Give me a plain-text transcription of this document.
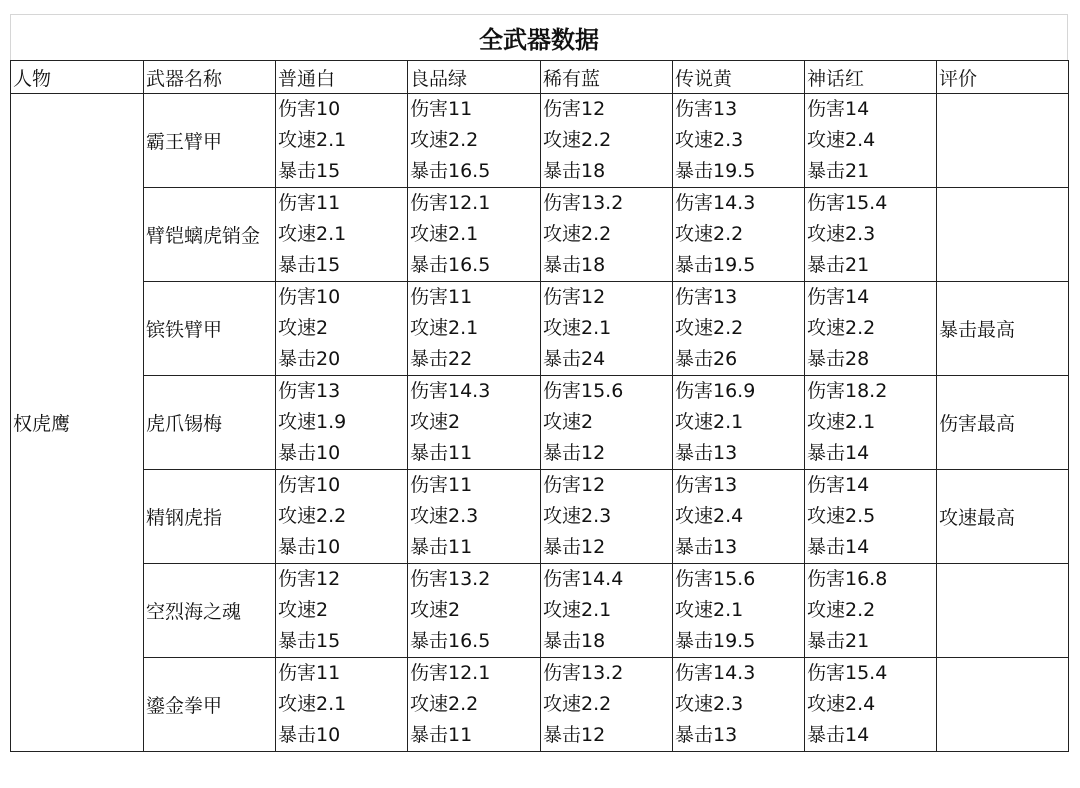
全武器数据
人物	武器名称	普通白	良品绿	稀有蓝	传说黄	神话红	评价
权虎鹰	霸王臂甲	伤害10
攻速2.1
暴击15	伤害11
攻速2.2
暴击16.5	伤害12
攻速2.2
暴击18	伤害13
攻速2.3
暴击19.5	伤害14
攻速2.4
暴击21	

	臂铠螭虎销金	伤害11
攻速2.1
暴击15	伤害12.1
攻速2.1
暴击16.5	伤害13.2
攻速2.2
暴击18	伤害14.3
攻速2.2
暴击19.5	伤害15.4
攻速2.3
暴击21	

	镔铁臂甲	伤害10
攻速2
暴击20	伤害11
攻速2.1
暴击22	伤害12
攻速2.1
暴击24	伤害13
攻速2.2
暴击26	伤害14
攻速2.2
暴击28	暴击最高
	虎爪锡梅	伤害13
攻速1.9
暴击10	伤害14.3
攻速2
暴击11	伤害15.6
攻速2
暴击12	伤害16.9
攻速2.1
暴击13	伤害18.2
攻速2.1
暴击14	伤害最高
	精钢虎指	伤害10
攻速2.2
暴击10	伤害11
攻速2.3
暴击11	伤害12
攻速2.3
暴击12	伤害13
攻速2.4
暴击13	伤害14
攻速2.5
暴击14	攻速最高
	空烈海之魂	伤害12
攻速2
暴击15	伤害13.2
攻速2
暴击16.5	伤害14.4
攻速2.1
暴击18	伤害15.6
攻速2.1
暴击19.5	伤害16.8
攻速2.2
暴击21	

	鎏金拳甲	伤害11
攻速2.1
暴击10	伤害12.1
攻速2.2
暴击11	伤害13.2
攻速2.2
暴击12	伤害14.3
攻速2.3
暴击13	伤害15.4
攻速2.4
暴击14	
